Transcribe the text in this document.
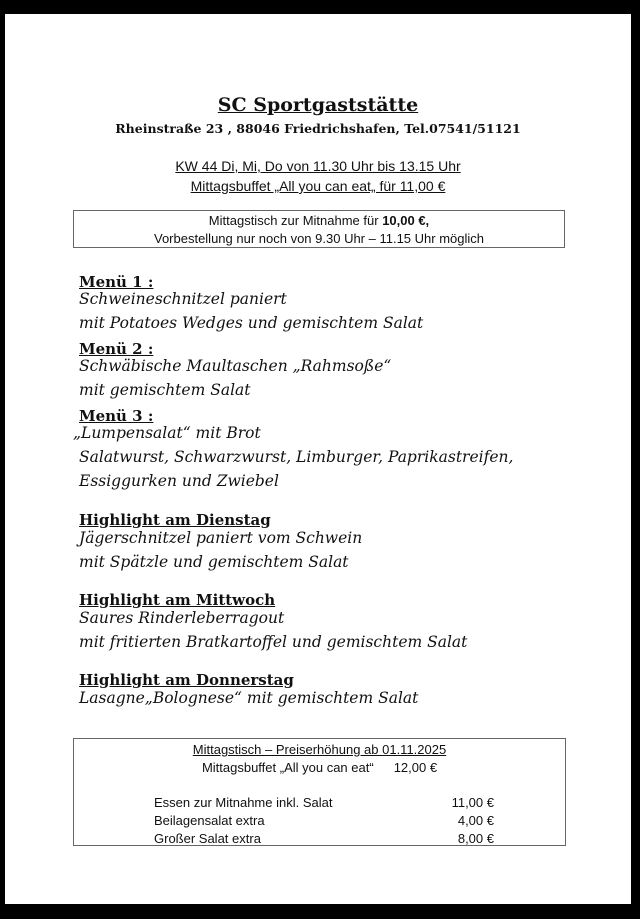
SC Sportgaststätte
Rheinstraße 23 , 88046 Friedrichshafen, Tel.07541/51121
KW 44 Di, Mi, Do von 11.30 Uhr bis 13.15 Uhr
Mittagsbuffet „All you can eat„ für 11,00 €
Mittagstisch zur Mitnahme für 10,00 €,
Vorbestellung nur noch von 9.30 Uhr – 11.15 Uhr möglich
Menü 1 :
Schweineschnitzel paniert
mit Potatoes Wedges und gemischtem Salat
Menü 2 :
Schwäbische Maultaschen „Rahmsoße“
mit gemischtem Salat
Menü 3 :
„Lumpensalat“ mit Brot
Salatwurst, Schwarzwurst, Limburger, Paprikastreifen,
Essiggurken und Zwiebel
Highlight am Dienstag
Jägerschnitzel paniert vom Schwein
mit Spätzle und gemischtem Salat
Highlight am Mittwoch
Saures Rinderleberragout
mit fritierten Bratkartoffel und gemischtem Salat
Highlight am Donnerstag
Lasagne„Bolognese“ mit gemischtem Salat
Mittagstisch – Preiserhöhung ab 01.11.2025
Mittagsbuffet „All you can eat“ 12,00 €
Essen zur Mitnahme inkl. Salat	11,00 €
Beilagensalat extra	4,00 €
Großer Salat extra	8,00 €
